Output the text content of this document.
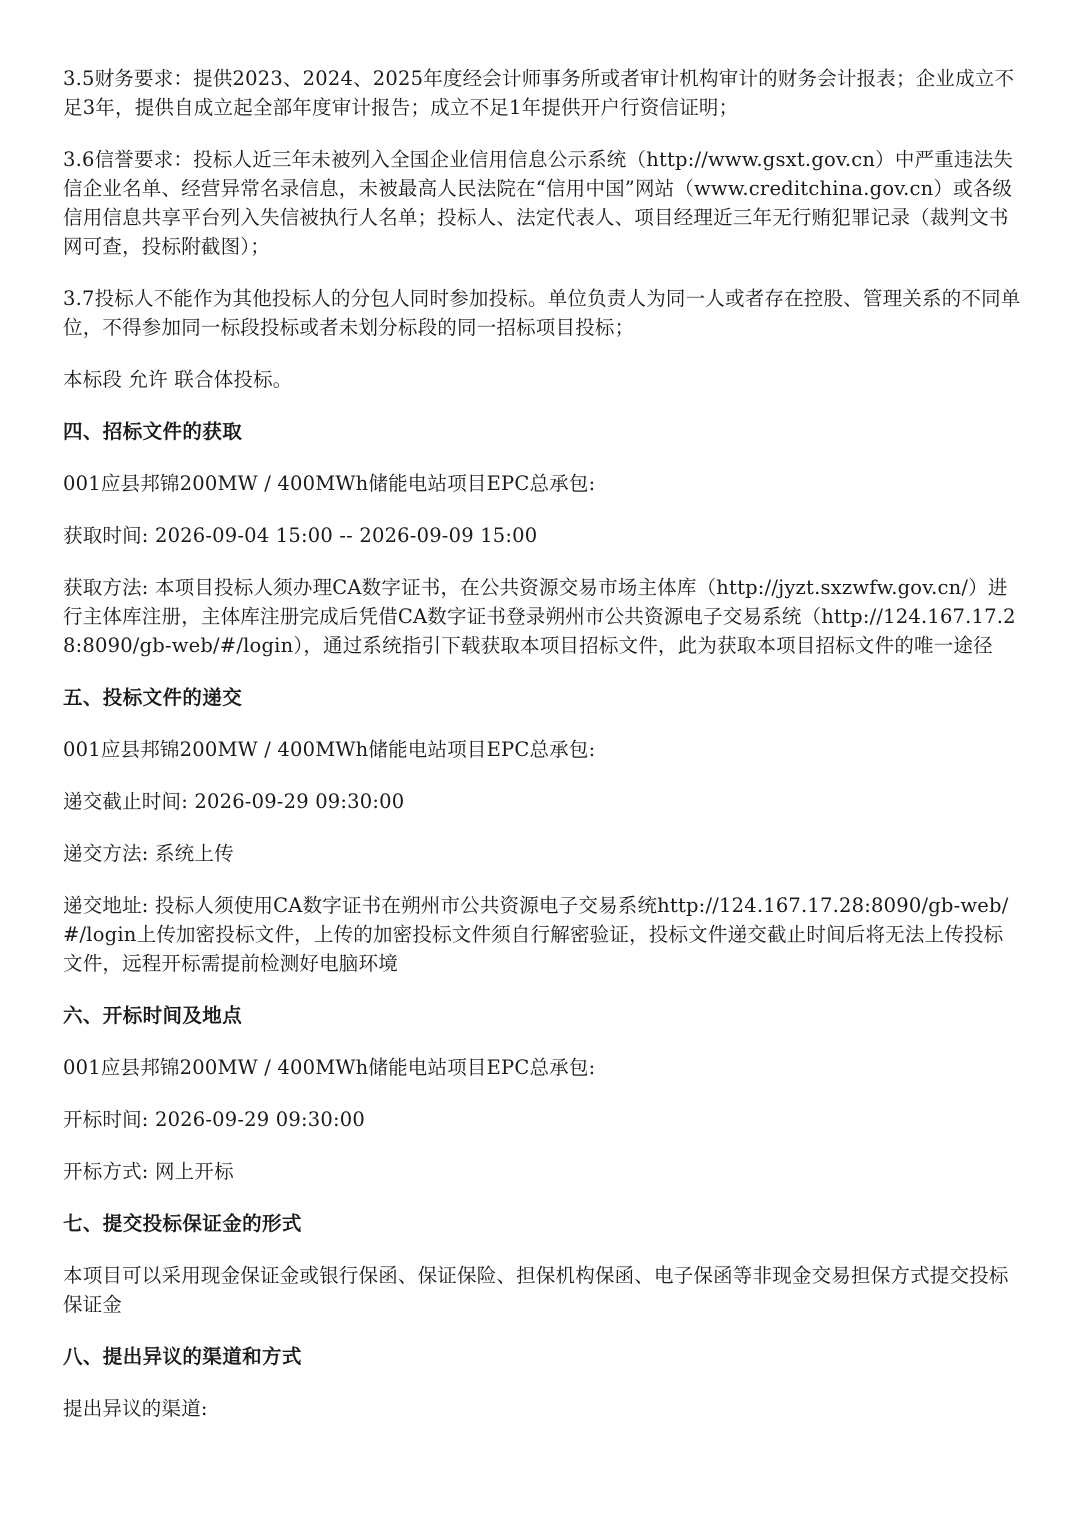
3.5财务要求：提供2023、2024、2025年度经会计师事务所或者审计机构审计的财务会计报表；企业成立不足3年，提供自成立起全部年度审计报告；成立不足1年提供开户行资信证明；

3.6信誉要求：投标人近三年未被列入全国企业信用信息公示系统（http://www.gsxt.gov.cn）中严重违法失信企业名单、经营异常名录信息，未被最高人民法院在“信用中国”网站（www.creditchina.gov.cn）或各级信用信息共享平台列入失信被执行人名单；投标人、法定代表人、项目经理近三年无行贿犯罪记录（裁判文书网可查，投标附截图）；

3.7投标人不能作为其他投标人的分包人同时参加投标。单位负责人为同一人或者存在控股、管理关系的不同单位，不得参加同一标段投标或者未划分标段的同一招标项目投标；

本标段 允许 联合体投标。

四、招标文件的获取

001应县邦锦200MW / 400MWh储能电站项目EPC总承包:

获取时间: 2026-09-04 15:00 -- 2026-09-09 15:00

获取方法: 本项目投标人须办理CA数字证书，在公共资源交易市场主体库（http://jyzt.sxzwfw.gov.cn/）进行主体库注册，主体库注册完成后凭借CA数字证书登录朔州市公共资源电子交易系统（http://124.167.17.28:8090/gb-web/#/login），通过系统指引下载获取本项目招标文件，此为获取本项目招标文件的唯一途径

五、投标文件的递交

001应县邦锦200MW / 400MWh储能电站项目EPC总承包:

递交截止时间: 2026-09-29 09:30:00

递交方法: 系统上传

递交地址: 投标人须使用CA数字证书在朔州市公共资源电子交易系统http://124.167.17.28:8090/gb-web/#/login上传加密投标文件，上传的加密投标文件须自行解密验证，投标文件递交截止时间后将无法上传投标文件，远程开标需提前检测好电脑环境

六、开标时间及地点

001应县邦锦200MW / 400MWh储能电站项目EPC总承包:

开标时间: 2026-09-29 09:30:00

开标方式: 网上开标

七、提交投标保证金的形式

本项目可以采用现金保证金或银行保函、保证保险、担保机构保函、电子保函等非现金交易担保方式提交投标保证金

八、提出异议的渠道和方式

提出异议的渠道:
